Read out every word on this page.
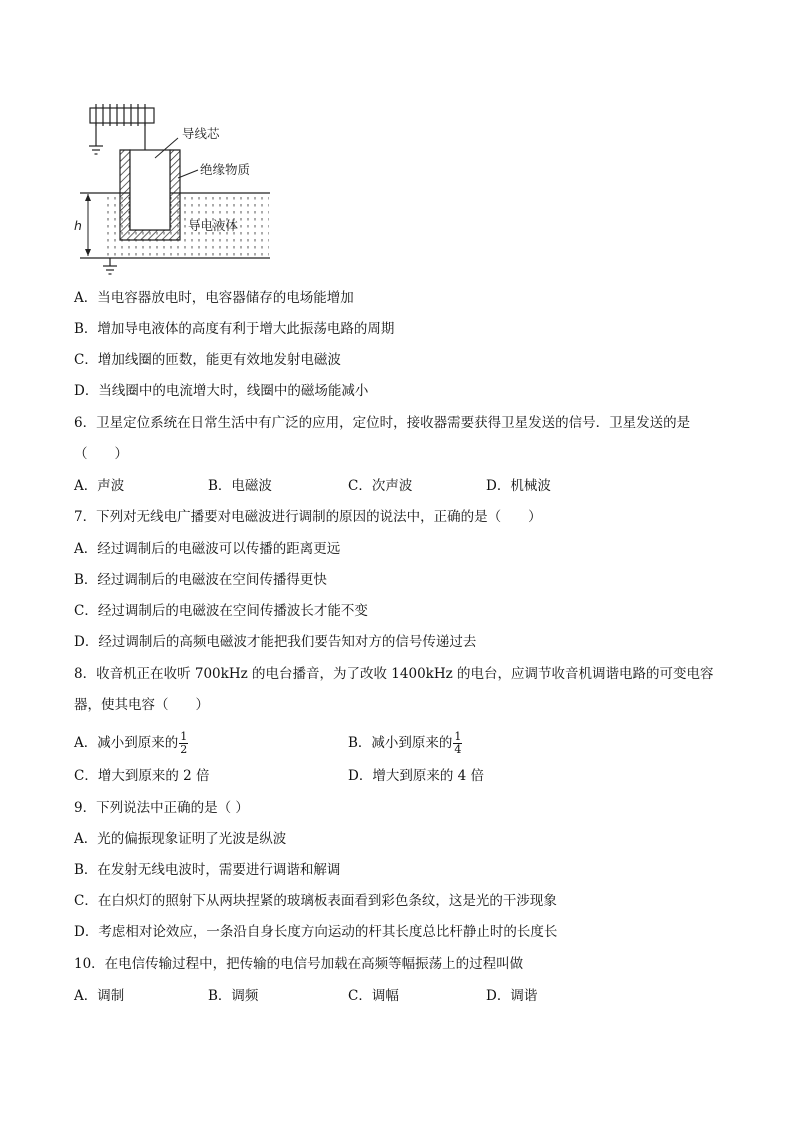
导线芯
绝缘物质
导电液体
h
A．当电容器放电时，电容器储存的电场能增加
B．增加导电液体的高度有利于增大此振荡电路的周期
C．增加线圈的匝数，能更有效地发射电磁波
D．当线圈中的电流增大时，线圈中的磁场能减小
6．卫星定位系统在日常生活中有广泛的应用，定位时，接收器需要获得卫星发送的信号．卫星发送的是
（　　）
A．声波	B．电磁波	C．次声波	D．机械波
7．下列对无线电广播要对电磁波进行调制的原因的说法中，正确的是（　　）
A．经过调制后的电磁波可以传播的距离更远
B．经过调制后的电磁波在空间传播得更快
C．经过调制后的电磁波在空间传播波长才能不变
D．经过调制后的高频电磁波才能把我们要告知对方的信号传递过去
8．收音机正在收听 700kHz 的电台播音，为了改收 1400kHz 的电台，应调节收音机调谐电路的可变电容
器，使其电容（　　）
A．减小到原来的 $\frac{1}{2}$	B．减小到原来的 $\frac{1}{4}$
C．增大到原来的 2 倍	D．增大到原来的 4 倍
9．下列说法中正确的是（ ）
A．光的偏振现象证明了光波是纵波
B．在发射无线电波时，需要进行调谐和解调
C．在白炽灯的照射下从两块捏紧的玻璃板表面看到彩色条纹，这是光的干涉现象
D．考虑相对论效应，一条沿自身长度方向运动的杆其长度总比杆静止时的长度长
10．在电信传输过程中，把传输的电信号加载在高频等幅振荡上的过程叫做
A．调制	B．调频	C．调幅	D．调谐
